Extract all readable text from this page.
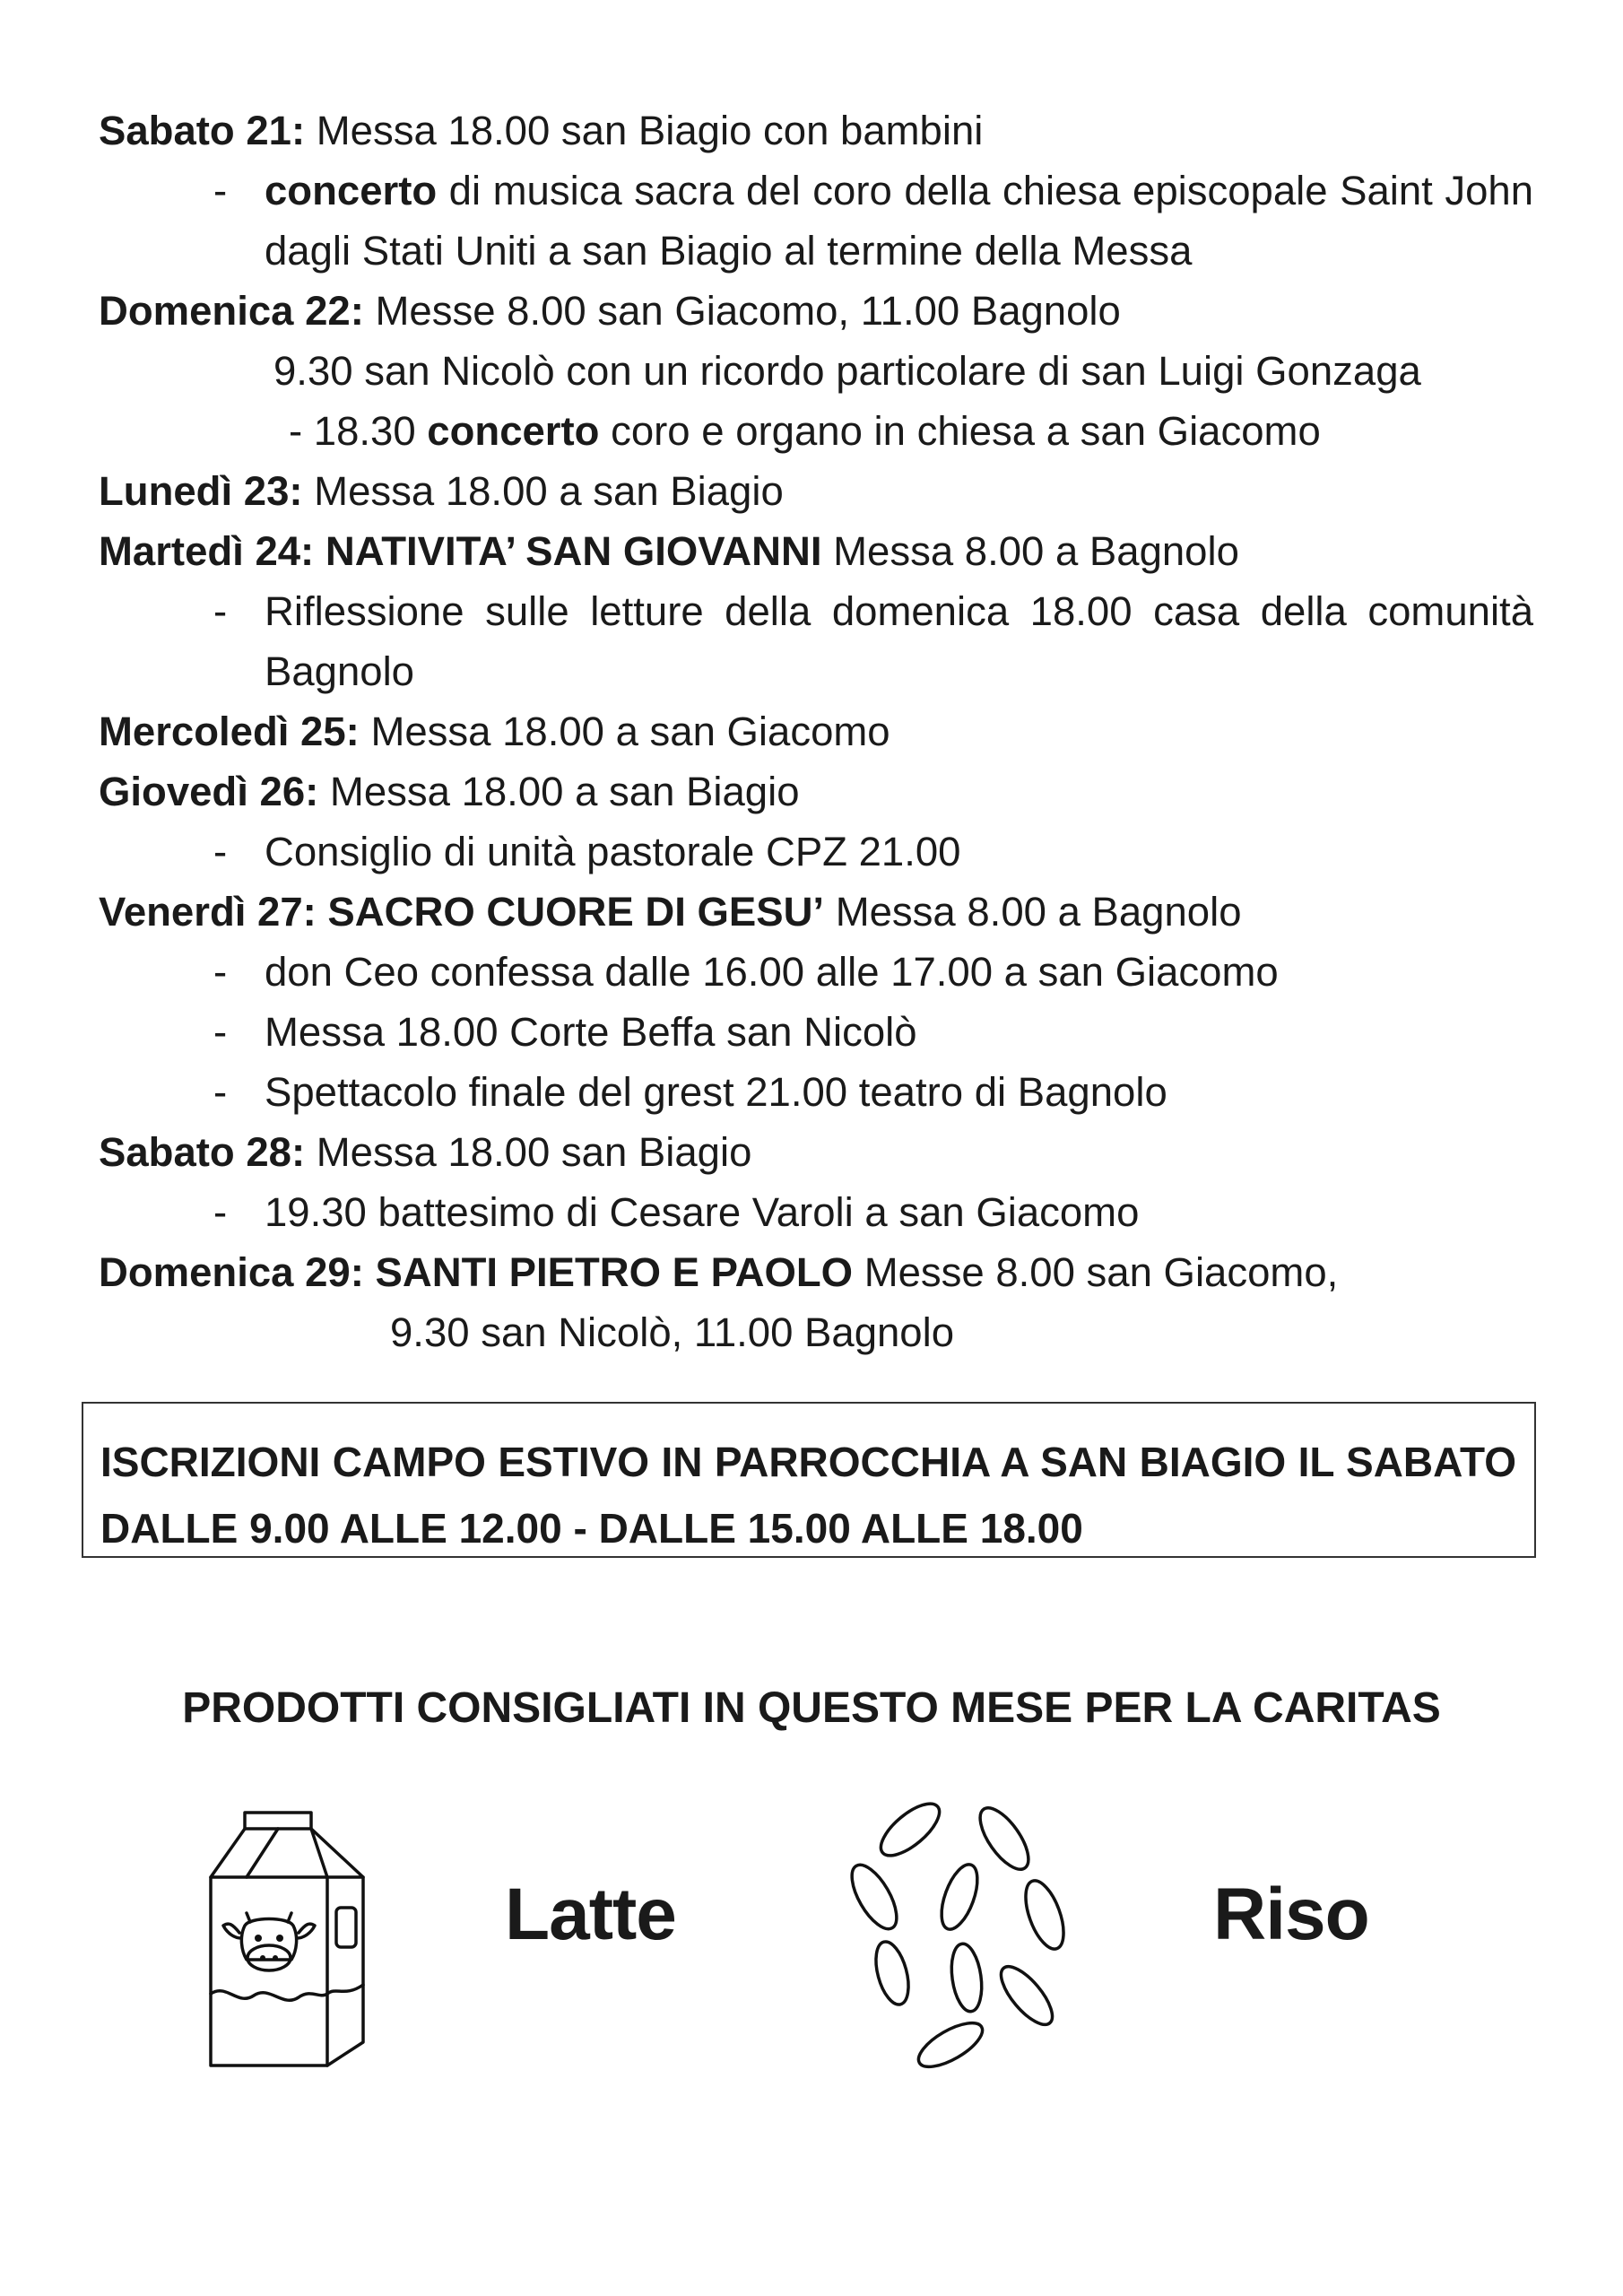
Sabato 21: Messa 18.00 san Biagio con bambini
- concerto di musica sacra del coro della chiesa episcopale Saint John dagli Stati Uniti a san Biagio al termine della Messa
Domenica 22: Messe 8.00 san Giacomo, 11.00 Bagnolo
9.30 san Nicolò con un ricordo particolare di san Luigi Gonzaga
- 18.30 concerto coro e organo in chiesa a san Giacomo
Lunedì 23: Messa 18.00 a san Biagio
Martedì 24: NATIVITA’ SAN GIOVANNI Messa 8.00 a Bagnolo
- Riflessione sulle letture della domenica 18.00 casa della comunità Bagnolo
Mercoledì 25: Messa 18.00 a san Giacomo
Giovedì 26: Messa 18.00 a san Biagio
- Consiglio di unità pastorale CPZ 21.00
Venerdì 27: SACRO CUORE DI GESU’ Messa 8.00 a Bagnolo
- don Ceo confessa dalle 16.00 alle 17.00 a san Giacomo
- Messa 18.00 Corte Beffa san Nicolò
- Spettacolo finale del grest 21.00 teatro di Bagnolo
Sabato 28: Messa 18.00 san Biagio
- 19.30 battesimo di Cesare Varoli a san Giacomo
Domenica 29: SANTI PIETRO E PAOLO Messe 8.00 san Giacomo,
9.30 san Nicolò, 11.00 Bagnolo
ISCRIZIONI CAMPO ESTIVO IN PARROCCHIA A SAN BIAGIO IL SABATO DALLE 9.00 ALLE 12.00 - DALLE 15.00 ALLE 18.00
PRODOTTI CONSIGLIATI IN QUESTO MESE PER LA CARITAS
Latte	Riso
